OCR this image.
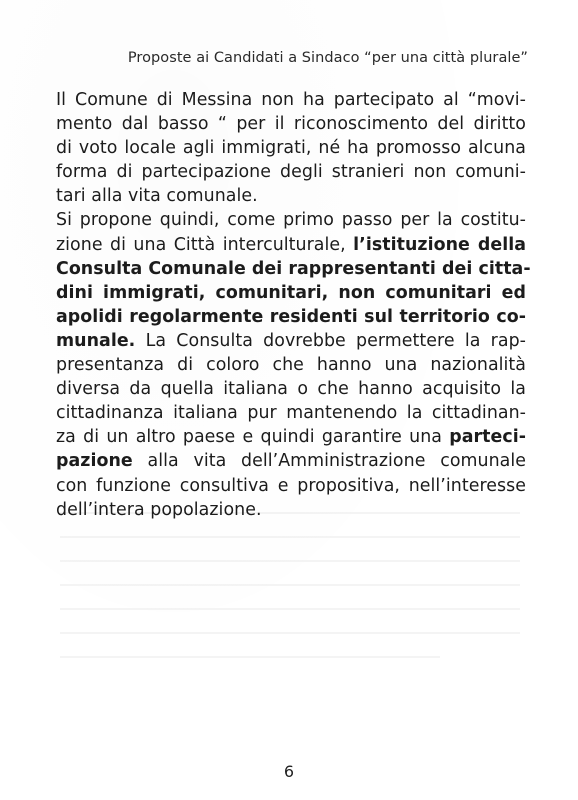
Proposte ai Candidati a Sindaco “per una città plurale”
Il Comune di Messina non ha partecipato al “movi-
mento dal basso “ per il riconoscimento del diritto
di voto locale agli immigrati, né ha promosso alcuna
forma di partecipazione degli stranieri non comuni-
tari alla vita comunale.
Si propone quindi, come primo passo per la costitu-
zione di una Città interculturale, l’istituzione della
Consulta Comunale dei rappresentanti dei citta-
dini immigrati, comunitari, non comunitari ed
apolidi regolarmente residenti sul territorio co-
munale. La Consulta dovrebbe permettere la rap-
presentanza di coloro che hanno una nazionalità
diversa da quella italiana o che hanno acquisito la
cittadinanza italiana pur mantenendo la cittadinan-
za di un altro paese e quindi garantire una parteci-
pazione alla vita dell’Amministrazione comunale
con funzione consultiva e propositiva, nell’interesse
dell’intera popolazione.
6
